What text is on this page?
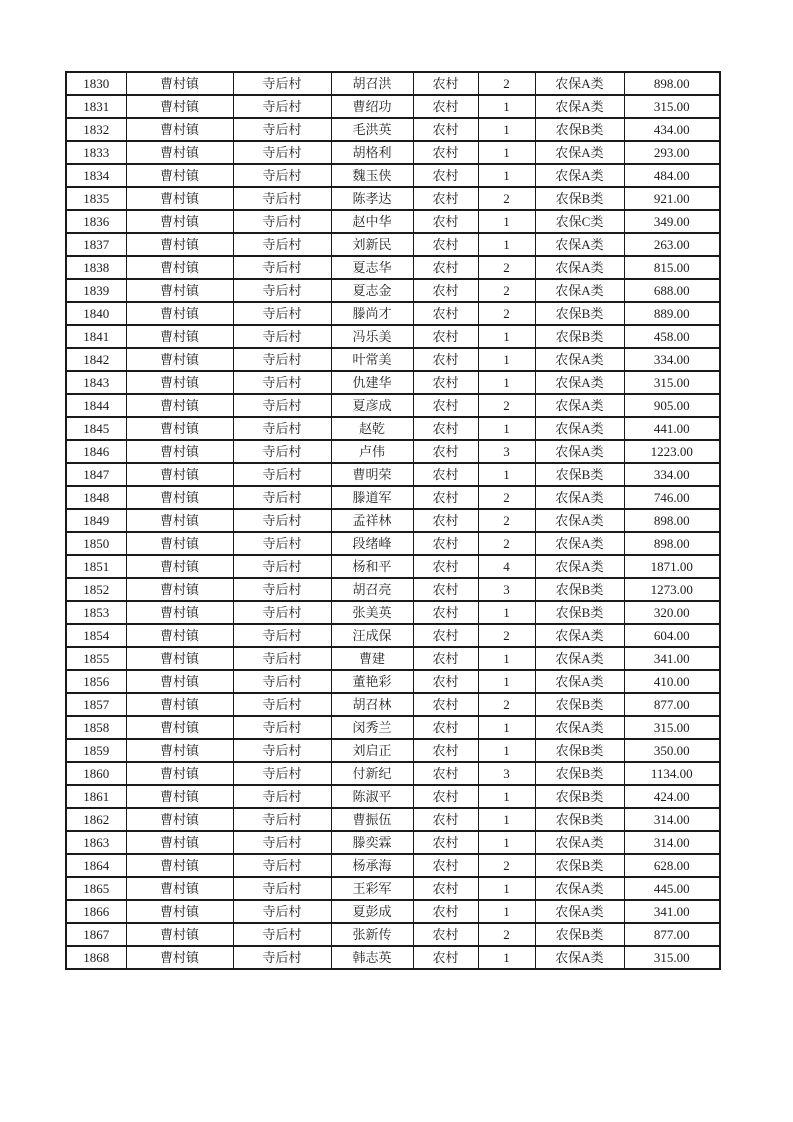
1830	曹村镇	寺后村	胡召洪	农村	2	农保A类	898.00
1831	曹村镇	寺后村	曹绍功	农村	1	农保A类	315.00
1832	曹村镇	寺后村	毛洪英	农村	1	农保B类	434.00
1833	曹村镇	寺后村	胡格利	农村	1	农保A类	293.00
1834	曹村镇	寺后村	魏玉侠	农村	1	农保A类	484.00
1835	曹村镇	寺后村	陈孝达	农村	2	农保B类	921.00
1836	曹村镇	寺后村	赵中华	农村	1	农保C类	349.00
1837	曹村镇	寺后村	刘新民	农村	1	农保A类	263.00
1838	曹村镇	寺后村	夏志华	农村	2	农保A类	815.00
1839	曹村镇	寺后村	夏志金	农村	2	农保A类	688.00
1840	曹村镇	寺后村	滕尚才	农村	2	农保B类	889.00
1841	曹村镇	寺后村	冯乐美	农村	1	农保B类	458.00
1842	曹村镇	寺后村	叶常美	农村	1	农保A类	334.00
1843	曹村镇	寺后村	仇建华	农村	1	农保A类	315.00
1844	曹村镇	寺后村	夏彦成	农村	2	农保A类	905.00
1845	曹村镇	寺后村	赵乾	农村	1	农保A类	441.00
1846	曹村镇	寺后村	卢伟	农村	3	农保A类	1223.00
1847	曹村镇	寺后村	曹明荣	农村	1	农保B类	334.00
1848	曹村镇	寺后村	滕道军	农村	2	农保A类	746.00
1849	曹村镇	寺后村	孟祥林	农村	2	农保A类	898.00
1850	曹村镇	寺后村	段绪峰	农村	2	农保A类	898.00
1851	曹村镇	寺后村	杨和平	农村	4	农保A类	1871.00
1852	曹村镇	寺后村	胡召亮	农村	3	农保B类	1273.00
1853	曹村镇	寺后村	张美英	农村	1	农保B类	320.00
1854	曹村镇	寺后村	汪成保	农村	2	农保A类	604.00
1855	曹村镇	寺后村	曹建	农村	1	农保A类	341.00
1856	曹村镇	寺后村	董艳彩	农村	1	农保A类	410.00
1857	曹村镇	寺后村	胡召林	农村	2	农保B类	877.00
1858	曹村镇	寺后村	闵秀兰	农村	1	农保A类	315.00
1859	曹村镇	寺后村	刘启正	农村	1	农保B类	350.00
1860	曹村镇	寺后村	付新纪	农村	3	农保B类	1134.00
1861	曹村镇	寺后村	陈淑平	农村	1	农保B类	424.00
1862	曹村镇	寺后村	曹振伍	农村	1	农保B类	314.00
1863	曹村镇	寺后村	滕奕霖	农村	1	农保A类	314.00
1864	曹村镇	寺后村	杨承海	农村	2	农保B类	628.00
1865	曹村镇	寺后村	王彩军	农村	1	农保A类	445.00
1866	曹村镇	寺后村	夏彭成	农村	1	农保A类	341.00
1867	曹村镇	寺后村	张新传	农村	2	农保B类	877.00
1868	曹村镇	寺后村	韩志英	农村	1	农保A类	315.00
